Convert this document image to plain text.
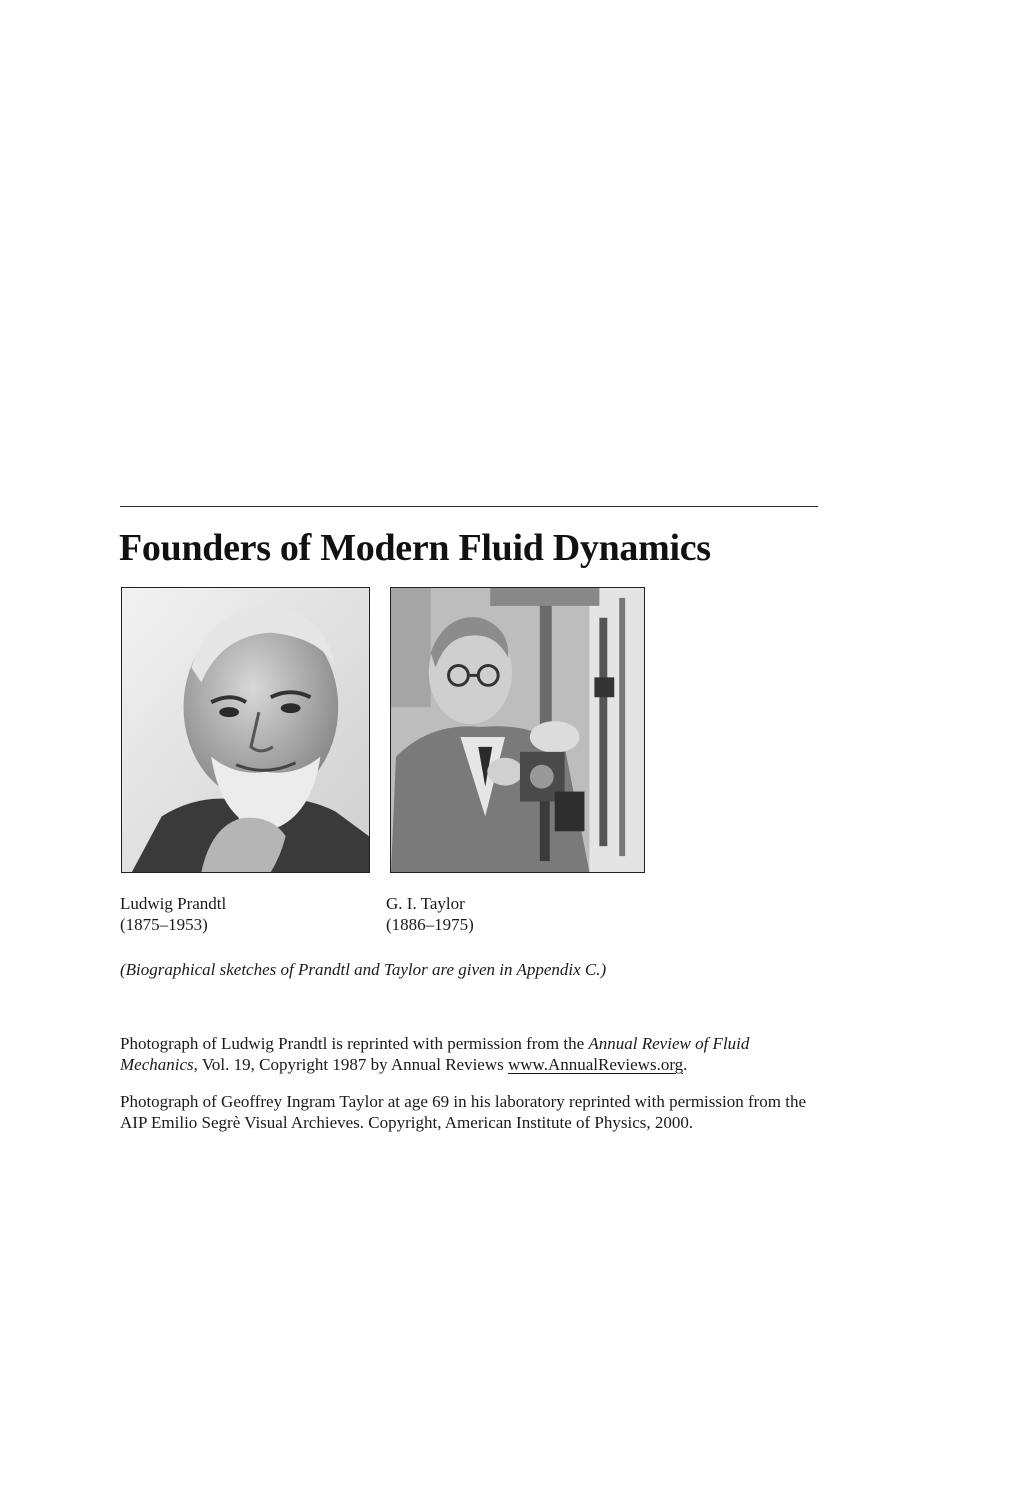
Founders of Modern Fluid Dynamics
Ludwig Prandtl
(1875–1953)
G. I. Taylor
(1886–1975)
(Biographical sketches of Prandtl and Taylor are given in Appendix C.)

Photograph of Ludwig Prandtl is reprinted with permission from the Annual Review of Fluid Mechanics, Vol. 19, Copyright 1987 by Annual Reviews www.AnnualReviews.org.

Photograph of Geoffrey Ingram Taylor at age 69 in his laboratory reprinted with permission from the AIP Emilio Segrè Visual Archieves. Copyright, American Institute of Physics, 2000.
